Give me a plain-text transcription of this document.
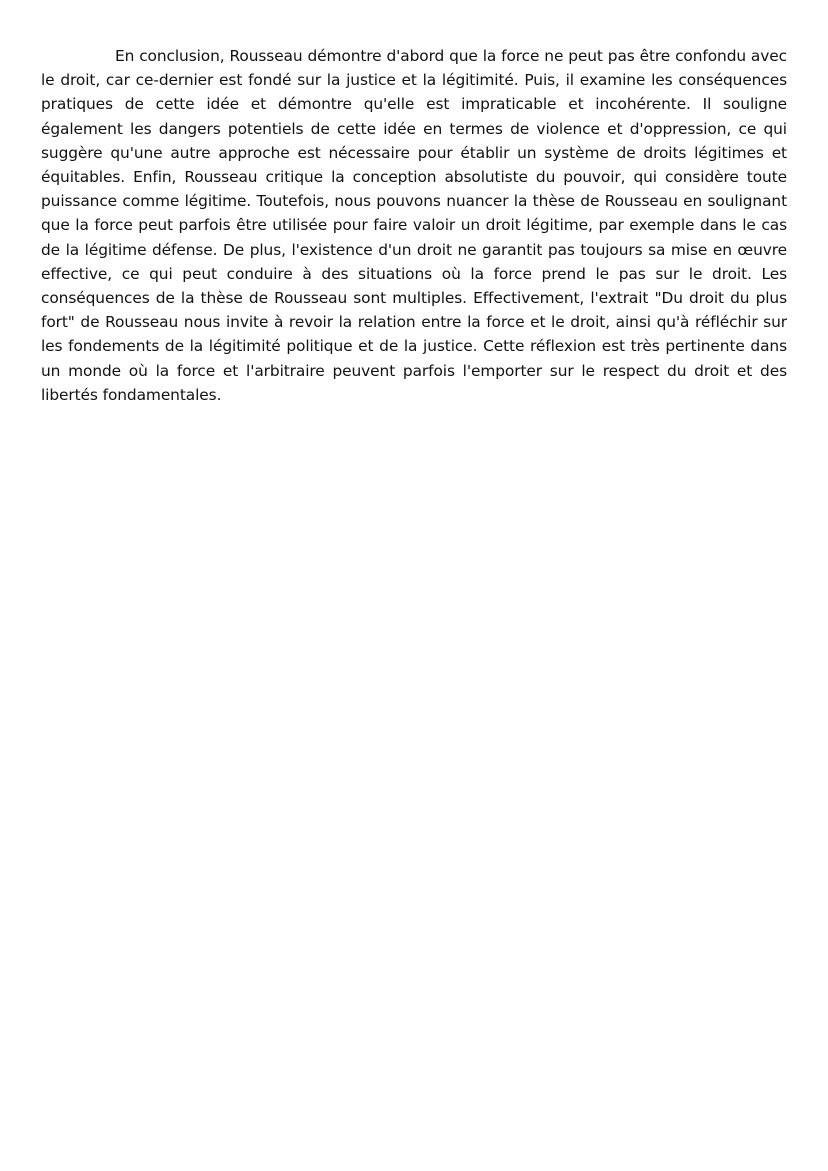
En conclusion, Rousseau démontre d'abord que la force ne peut pas être confondu avec le droit, car ce-dernier est fondé sur la justice et la légitimité. Puis, il examine les conséquences pratiques de cette idée et démontre qu'elle est impraticable et incohérente. Il souligne également les dangers potentiels de cette idée en termes de violence et d'oppression, ce qui suggère qu'une autre approche est nécessaire pour établir un système de droits légitimes et équitables. Enfin, Rousseau critique la conception absolutiste du pouvoir, qui considère toute puissance comme légitime. Toutefois, nous pouvons nuancer la thèse de Rousseau en soulignant que la force peut parfois être utilisée pour faire valoir un droit légitime, par exemple dans le cas de la légitime défense. De plus, l'existence d'un droit ne garantit pas toujours sa mise en œuvre effective, ce qui peut conduire à des situations où la force prend le pas sur le droit. Les conséquences de la thèse de Rousseau sont multiples. Effectivement, l'extrait "Du droit du plus fort" de Rousseau nous invite à revoir la relation entre la force et le droit, ainsi qu'à réfléchir sur les fondements de la légitimité politique et de la justice. Cette réflexion est très pertinente dans un monde où la force et l'arbitraire peuvent parfois l'emporter sur le respect du droit et des libertés fondamentales.
